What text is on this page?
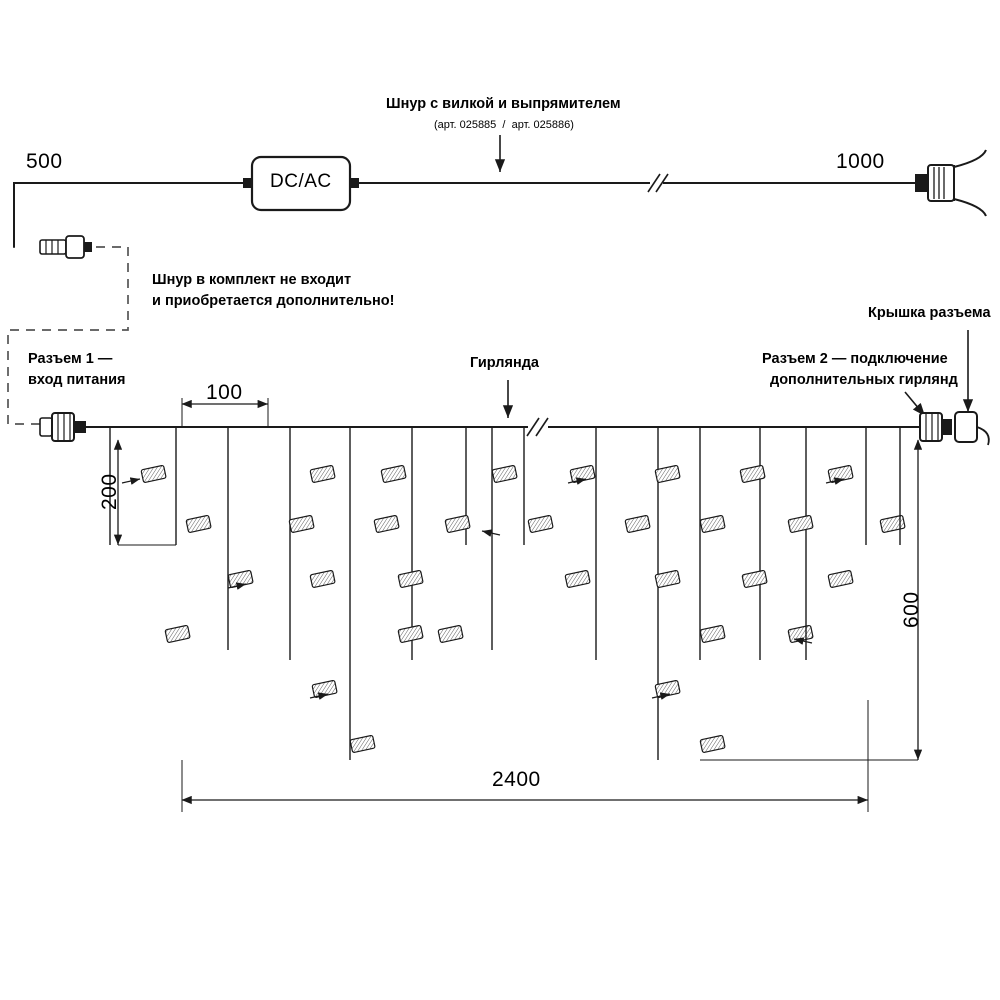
DC/AC
500	1000
Шнур с вилкой и выпрямителем
(арт. 025885  /  арт. 025886)
Шнур в комплект не входит
и приобретается дополнительно!
Разъем 1 —
вход питания
Гирлянда	Разъем 2 — подключение
дополнительных гирлянд
Крышка разъема
100
200
600
2400
